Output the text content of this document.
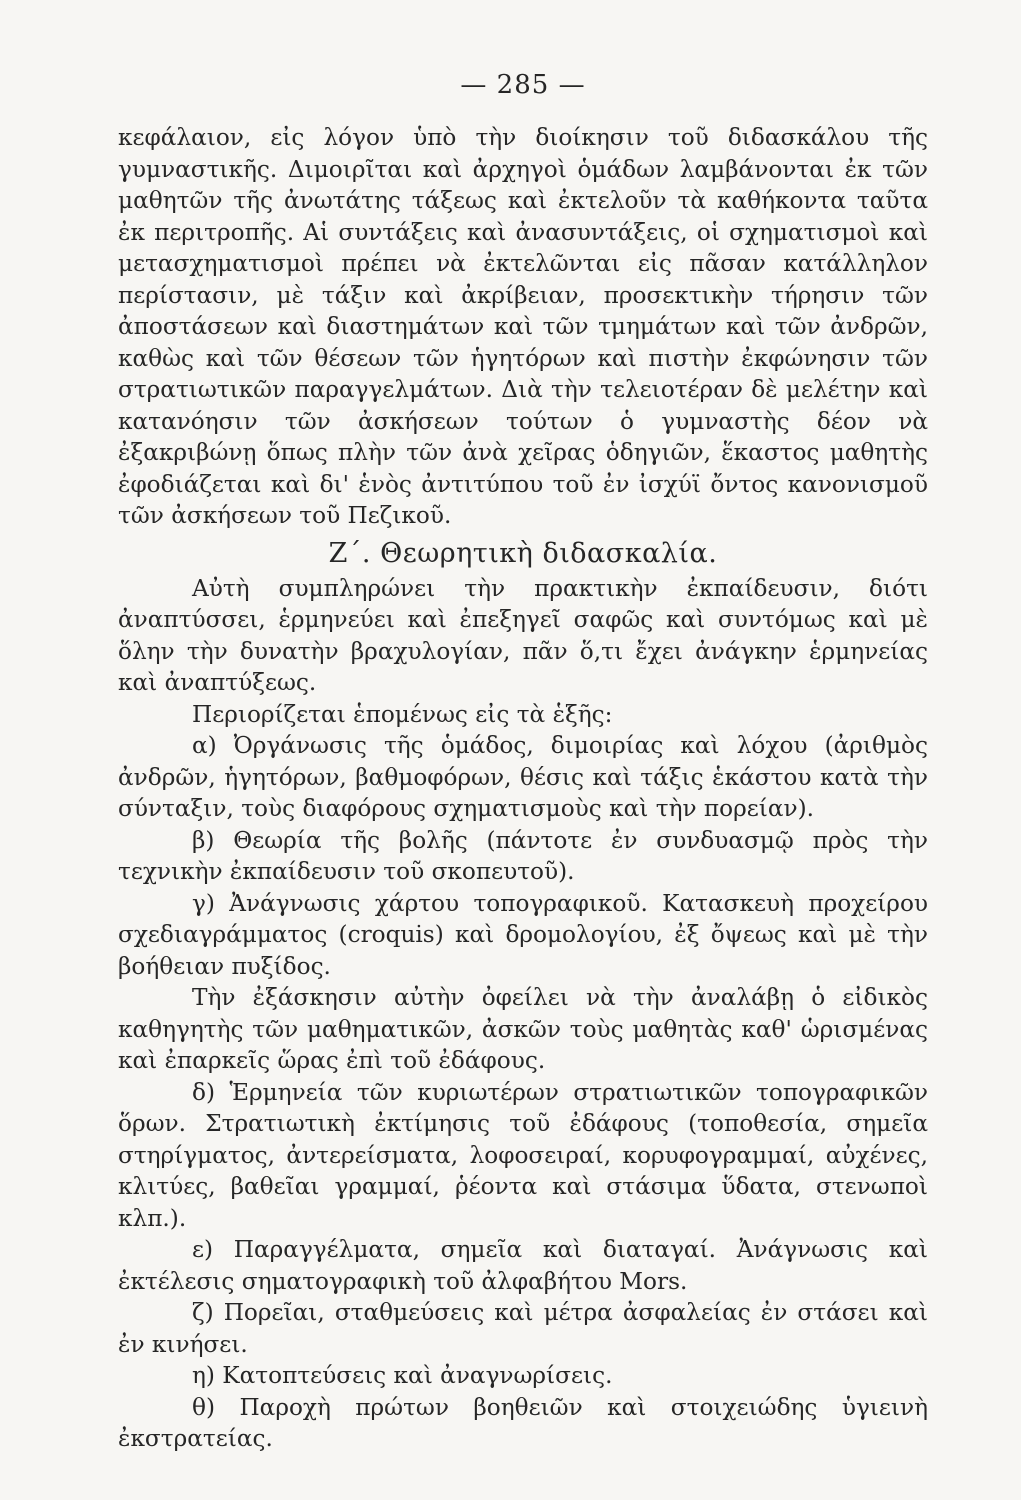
— 285 —

κεφάλαιον, εἰς λόγον ὑπὸ τὴν διοίκησιν τοῦ διδασκάλου τῆς γυμναστικῆς. Διμοιρῖται καὶ ἀρχηγοὶ ὁμάδων λαμβάνονται ἐκ τῶν μαθητῶν τῆς ἀνωτάτης τάξεως καὶ ἐκτελοῦν τὰ καθήκοντα ταῦτα ἐκ περιτροπῆς. Αἱ συντάξεις καὶ ἀνασυντάξεις, οἱ σχηματισμοὶ καὶ μετασχηματισμοὶ πρέπει νὰ ἐκτελῶνται εἰς πᾶσαν κατάλληλον περίστασιν, μὲ τάξιν καὶ ἀκρίβειαν, προσεκτικὴν τήρησιν τῶν ἀποστάσεων καὶ διαστημάτων καὶ τῶν τμημάτων καὶ τῶν ἀνδρῶν, καθὼς καὶ τῶν θέσεων τῶν ἡγητόρων καὶ πιστὴν ἐκφώνησιν τῶν στρατιωτικῶν παραγγελμάτων. Διὰ τὴν τελειοτέραν δὲ μελέτην καὶ κατανόησιν τῶν ἀσκήσεων τούτων ὁ γυμναστὴς δέον νὰ ἐξακριβώνῃ ὅπως πλὴν τῶν ἀνὰ χεῖρας ὁδηγιῶν, ἕκαστος μαθητὴς ἐφοδιάζεται καὶ δι' ἑνὸς ἀντιτύπου τοῦ ἐν ἰσχύϊ ὄντος κανονισμοῦ τῶν ἀσκήσεων τοῦ Πεζικοῦ.

Ζ΄. Θεωρητικὴ διδασκαλία.

Αὐτὴ συμπληρώνει τὴν πρακτικὴν ἐκπαίδευσιν, διότι ἀναπτύσσει, ἑρμηνεύει καὶ ἐπεξηγεῖ σαφῶς καὶ συντόμως καὶ μὲ ὅλην τὴν δυνατὴν βραχυλογίαν, πᾶν ὅ,τι ἔχει ἀνάγκην ἑρμηνείας καὶ ἀναπτύξεως.

Περιορίζεται ἑπομένως εἰς τὰ ἑξῆς:

α) Ὀργάνωσις τῆς ὁμάδος, διμοιρίας καὶ λόχου (ἀριθμὸς ἀνδρῶν, ἡγητόρων, βαθμοφόρων, θέσις καὶ τάξις ἑκάστου κατὰ τὴν σύνταξιν, τοὺς διαφόρους σχηματισμοὺς καὶ τὴν πορείαν).

β) Θεωρία τῆς βολῆς (πάντοτε ἐν συνδυασμῷ πρὸς τὴν τεχνικὴν ἐκπαίδευσιν τοῦ σκοπευτοῦ).

γ) Ἀνάγνωσις χάρτου τοπογραφικοῦ. Κατασκευὴ προχείρου σχεδιαγράμματος (croquis) καὶ δρομολογίου, ἐξ ὄψεως καὶ μὲ τὴν βοήθειαν πυξίδος.

Τὴν ἐξάσκησιν αὐτὴν ὀφείλει νὰ τὴν ἀναλάβῃ ὁ εἰδικὸς καθηγητὴς τῶν μαθηματικῶν, ἀσκῶν τοὺς μαθητὰς καθ' ὡρισμένας καὶ ἐπαρκεῖς ὥρας ἐπὶ τοῦ ἐδάφους.

δ) Ἑρμηνεία τῶν κυριωτέρων στρατιωτικῶν τοπογραφικῶν ὅρων. Στρατιωτικὴ ἐκτίμησις τοῦ ἐδάφους (τοποθεσία, σημεῖα στηρίγματος, ἀντερείσματα, λοφοσειραί, κορυφογραμμαί, αὐχένες, κλιτύες, βαθεῖαι γραμμαί, ῥέοντα καὶ στάσιμα ὕδατα, στενωποὶ κλπ.).

ε) Παραγγέλματα, σημεῖα καὶ διαταγαί. Ἀνάγνωσις καὶ ἐκτέλεσις σηματογραφικὴ τοῦ ἀλφαβήτου Mors.

ζ) Πορεῖαι, σταθμεύσεις καὶ μέτρα ἀσφαλείας ἐν στάσει καὶ ἐν κινήσει.

η) Κατοπτεύσεις καὶ ἀναγνωρίσεις.

θ) Παροχὴ πρώτων βοηθειῶν καὶ στοιχειώδης ὑγιεινὴ ἐκστρατείας.
